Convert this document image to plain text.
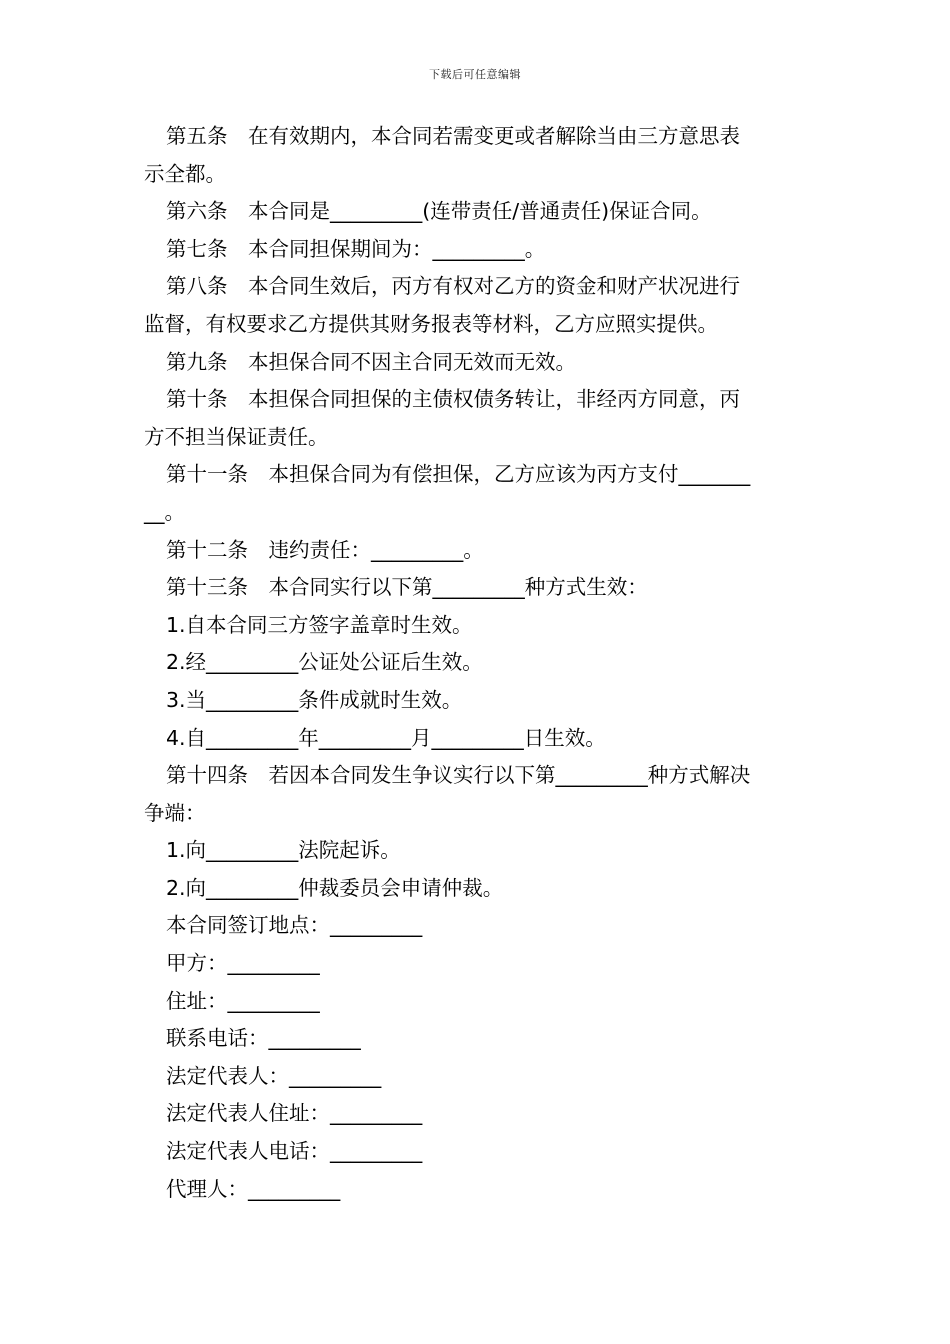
下载后可任意编辑
第五条　在有效期内，本合同若需变更或者解除当由三方意思表
示全都。
第六条　本合同是_________(连带责任/普通责任)保证合同。
第七条　本合同担保期间为：_________。
第八条　本合同生效后，丙方有权对乙方的资金和财产状况进行
监督，有权要求乙方提供其财务报表等材料，乙方应照实提供。
第九条　本担保合同不因主合同无效而无效。
第十条　本担保合同担保的主债权债务转让，非经丙方同意，丙
方不担当保证责任。
第十一条　本担保合同为有偿担保，乙方应该为丙方支付_______
__。
第十二条　违约责任：_________。
第十三条　本合同实行以下第_________种方式生效：
1.自本合同三方签字盖章时生效。
2.经_________公证处公证后生效。
3.当_________条件成就时生效。
4.自_________年_________月_________日生效。
第十四条　若因本合同发生争议实行以下第_________种方式解决
争端：
1.向_________法院起诉。
2.向_________仲裁委员会申请仲裁。
本合同签订地点：_________
甲方：_________
住址：_________
联系电话：_________
法定代表人：_________
法定代表人住址：_________
法定代表人电话：_________
代理人：_________
